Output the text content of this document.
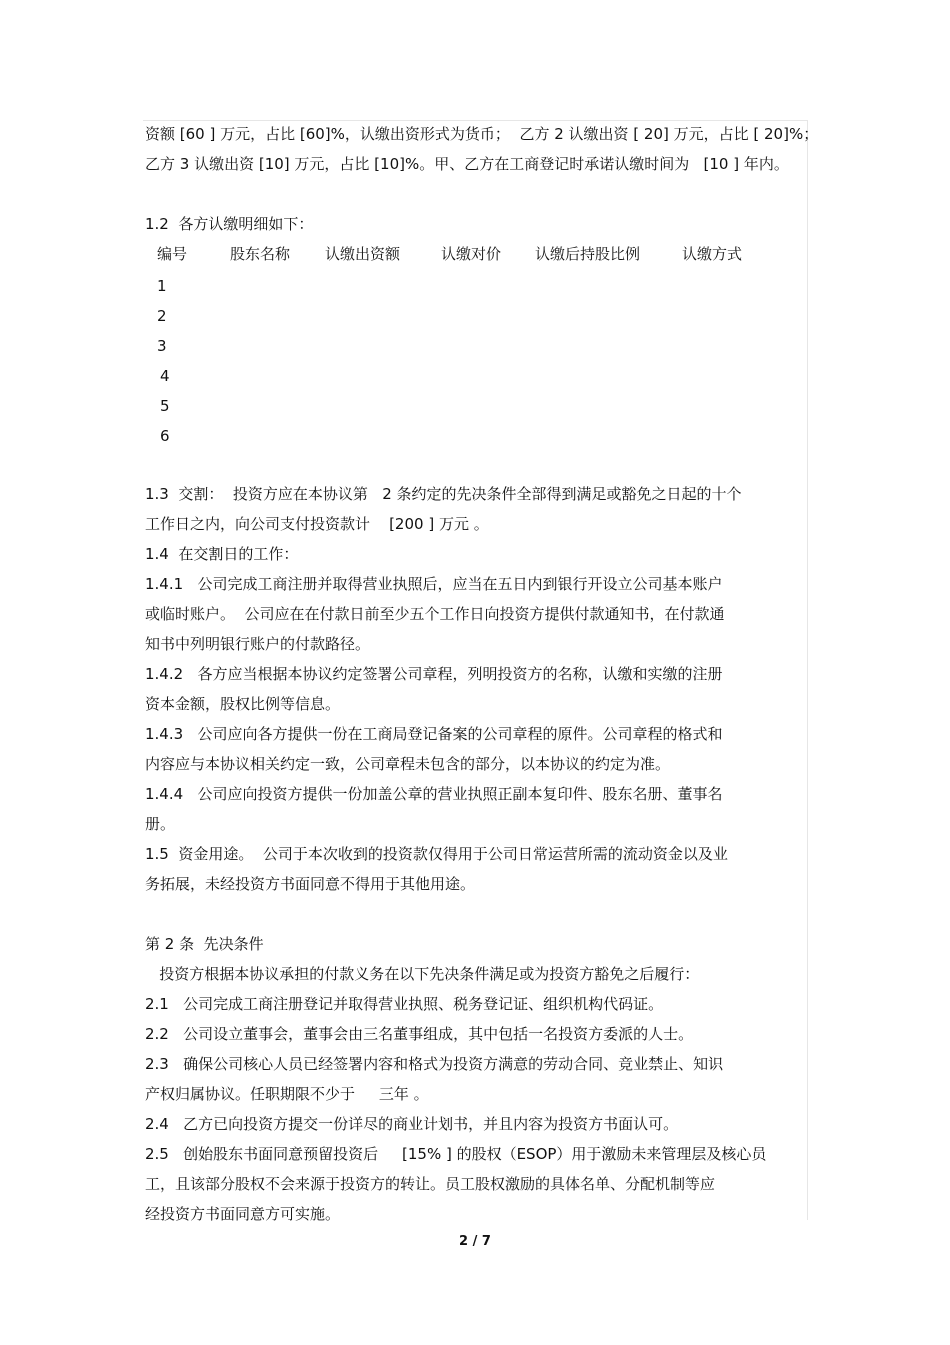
资额 [60 ] 万元，占比 [60]%，认缴出资形式为货币；  乙方 2 认缴出资 [ 20] 万元，占比 [ 20]%；
乙方 3 认缴出资 [10] 万元，占比 [10]%。甲、乙方在工商登记时承诺认缴时间为   [10 ] 年内。
1.2  各方认缴明细如下：
编号	股东名称 认缴出资额	认缴对价 认缴后持股比例	认缴方式
1
2
3
4
5
6
1.3  交割：  投资方应在本协议第   2 条约定的先决条件全部得到满足或豁免之日起的十个
工作日之内，向公司支付投资款计    [200 ] 万元 。
1.4  在交割日的工作：
1.4.1   公司完成工商注册并取得营业执照后，应当在五日内到银行开设立公司基本账户
或临时账户。  公司应在在付款日前至少五个工作日向投资方提供付款通知书，在付款通
知书中列明银行账户的付款路径。
1.4.2   各方应当根据本协议约定签署公司章程，列明投资方的名称，认缴和实缴的注册
资本金额，股权比例等信息。
1.4.3   公司应向各方提供一份在工商局登记备案的公司章程的原件。公司章程的格式和
内容应与本协议相关约定一致，公司章程未包含的部分，以本协议的约定为准。
1.4.4   公司应向投资方提供一份加盖公章的营业执照正副本复印件、股东名册、董事名
册。
1.5  资金用途。  公司于本次收到的投资款仅得用于公司日常运营所需的流动资金以及业
务拓展，未经投资方书面同意不得用于其他用途。
第 2 条  先决条件
投资方根据本协议承担的付款义务在以下先决条件满足或为投资方豁免之后履行：
2.1   公司完成工商注册登记并取得营业执照、税务登记证、组织机构代码证。
2.2   公司设立董事会，董事会由三名董事组成，其中包括一名投资方委派的人士。
2.3   确保公司核心人员已经签署内容和格式为投资方满意的劳动合同、竞业禁止、知识
产权归属协议。任职期限不少于     三年 。
2.4   乙方已向投资方提交一份详尽的商业计划书，并且内容为投资方书面认可。
2.5   创始股东书面同意预留投资后     [15% ] 的股权（ESOP）用于激励未来管理层及核心员
工，且该部分股权不会来源于投资方的转让。员工股权激励的具体名单、分配机制等应
经投资方书面同意方可实施。
2 / 7
